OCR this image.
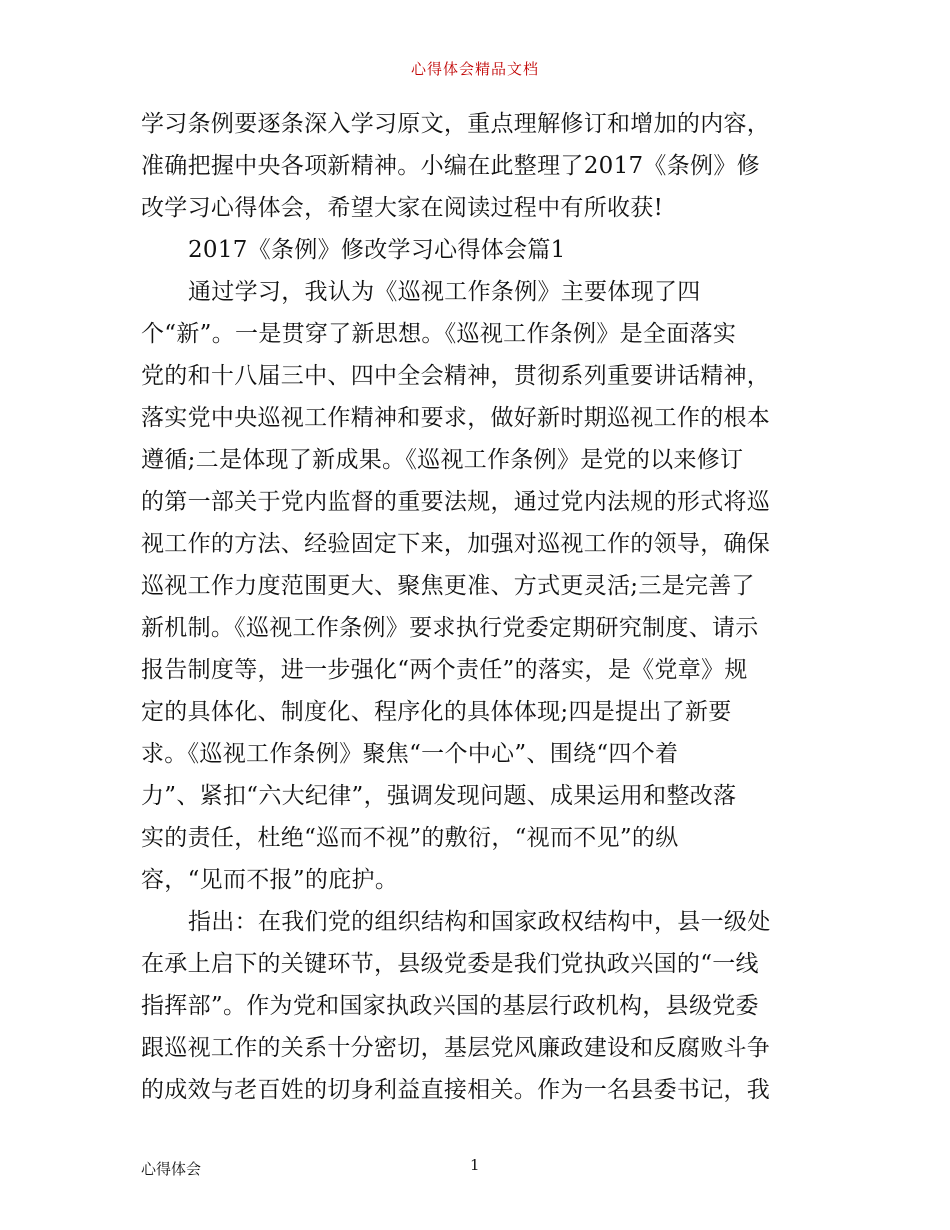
心得体会精品文档
学习条例要逐条深入学习原文，重点理解修订和增加的内容，
准确把握中央各项新精神。小编在此整理了2017《条例》修
改学习心得体会，希望大家在阅读过程中有所收获!
2017《条例》修改学习心得体会篇1
通过学习，我认为《巡视工作条例》主要体现了四
个“新”。一是贯穿了新思想。《巡视工作条例》是全面落实
党的和十八届三中、四中全会精神，贯彻系列重要讲话精神，
落实党中央巡视工作精神和要求，做好新时期巡视工作的根本
遵循;二是体现了新成果。《巡视工作条例》是党的以来修订
的第一部关于党内监督的重要法规，通过党内法规的形式将巡
视工作的方法、经验固定下来，加强对巡视工作的领导，确保
巡视工作力度范围更大、聚焦更准、方式更灵活;三是完善了
新机制。《巡视工作条例》要求执行党委定期研究制度、请示
报告制度等，进一步强化“两个责任”的落实，是《党章》规
定的具体化、制度化、程序化的具体体现;四是提出了新要
求。《巡视工作条例》聚焦“一个中心”、围绕“四个着
力”、紧扣“六大纪律”，强调发现问题、成果运用和整改落
实的责任，杜绝“巡而不视”的敷衍，“视而不见”的纵
容，“见而不报”的庇护。
指出：在我们党的组织结构和国家政权结构中，县一级处
在承上启下的关键环节，县级党委是我们党执政兴国的“一线
指挥部”。作为党和国家执政兴国的基层行政机构，县级党委
跟巡视工作的关系十分密切，基层党风廉政建设和反腐败斗争
的成效与老百姓的切身利益直接相关。作为一名县委书记，我
心得体会	1
